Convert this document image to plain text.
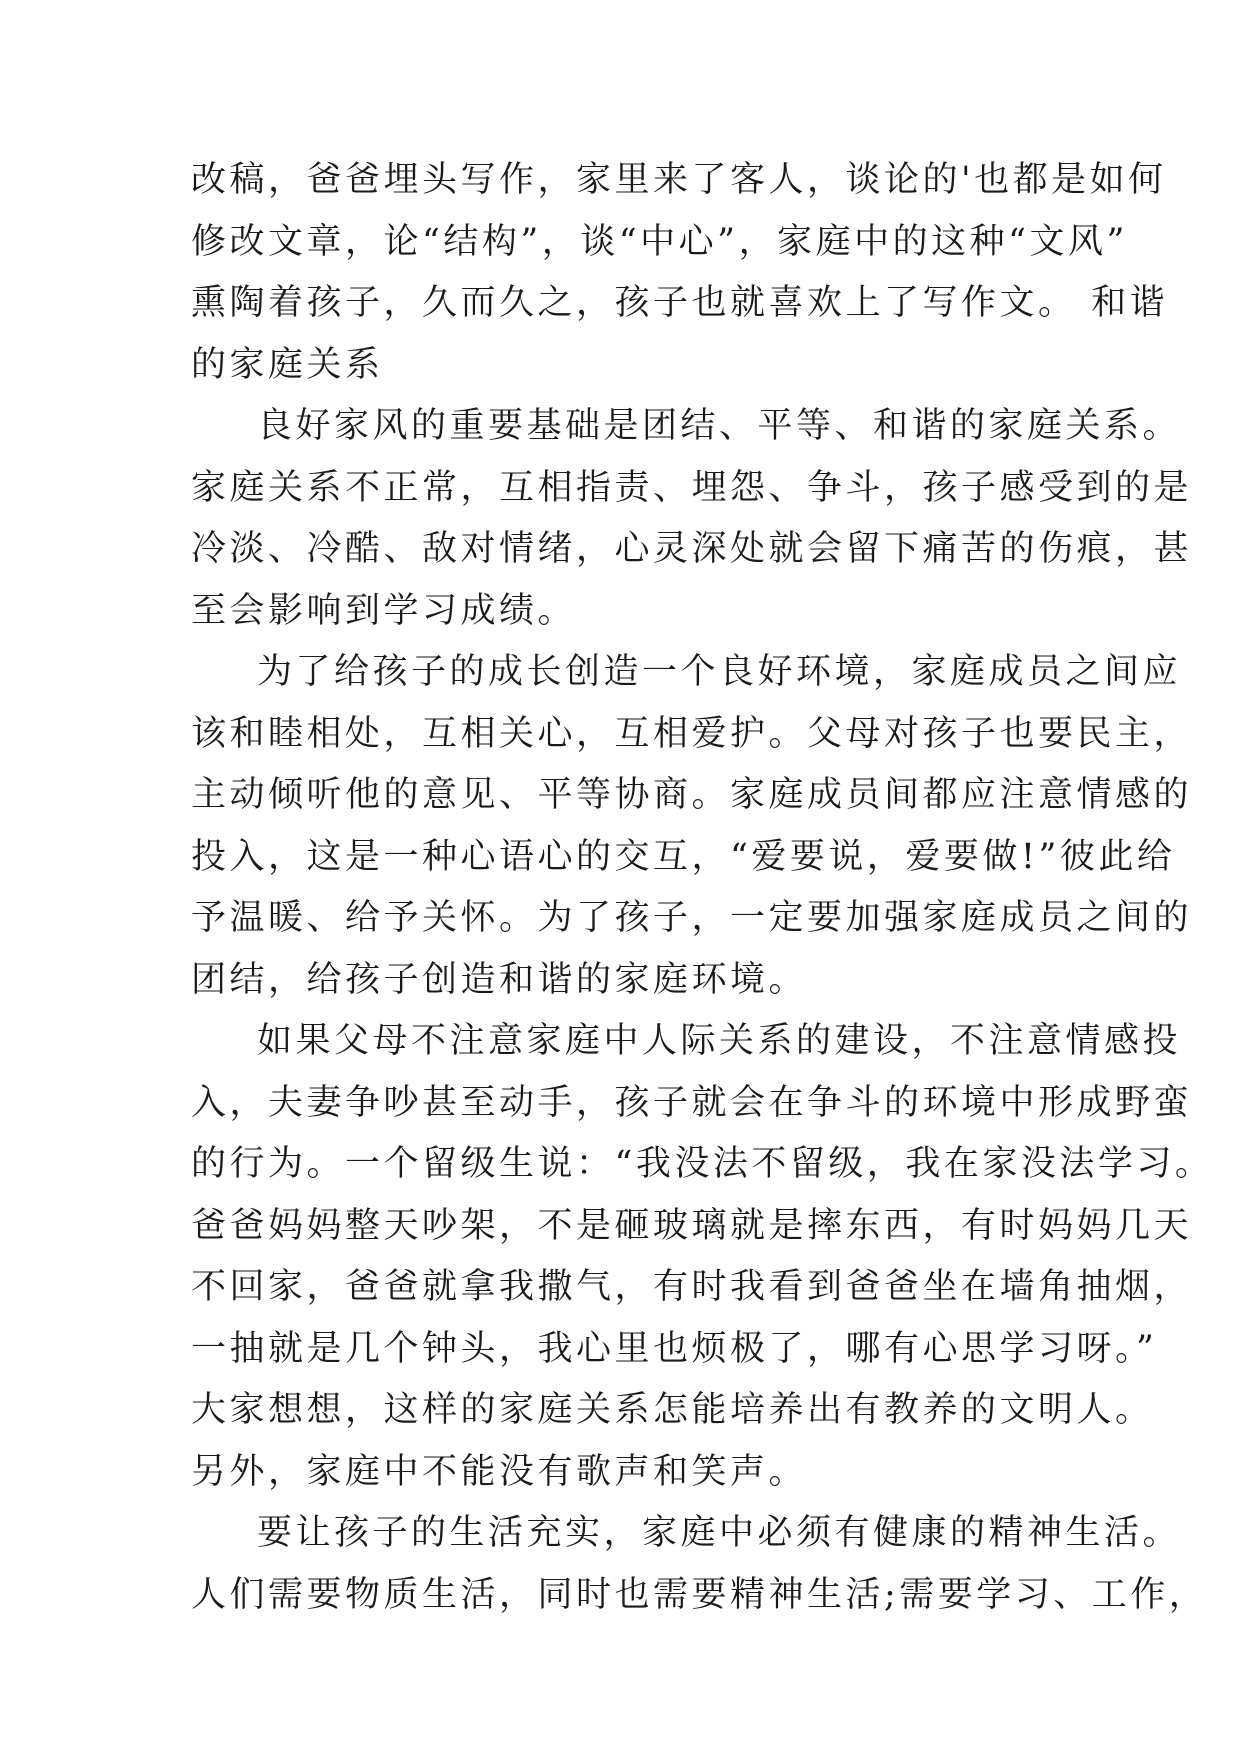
改稿，爸爸埋头写作，家里来了客人，谈论的'也都是如何
修改文章，论“结构”，谈“中心”，家庭中的这种“文风”
熏陶着孩子，久而久之，孩子也就喜欢上了写作文。 和谐
的家庭关系
良好家风的重要基础是团结、平等、和谐的家庭关系。
家庭关系不正常，互相指责、埋怨、争斗，孩子感受到的是
冷淡、冷酷、敌对情绪，心灵深处就会留下痛苦的伤痕，甚
至会影响到学习成绩。
为了给孩子的成长创造一个良好环境，家庭成员之间应
该和睦相处，互相关心，互相爱护。父母对孩子也要民主，
主动倾听他的意见、平等协商。家庭成员间都应注意情感的
投入，这是一种心语心的交互，“爱要说，爱要做!”彼此给
予温暖、给予关怀。为了孩子，一定要加强家庭成员之间的
团结，给孩子创造和谐的家庭环境。
如果父母不注意家庭中人际关系的建设，不注意情感投
入，夫妻争吵甚至动手，孩子就会在争斗的环境中形成野蛮
的行为。一个留级生说：“我没法不留级，我在家没法学习。
爸爸妈妈整天吵架，不是砸玻璃就是摔东西，有时妈妈几天
不回家，爸爸就拿我撒气，有时我看到爸爸坐在墙角抽烟，
一抽就是几个钟头，我心里也烦极了，哪有心思学习呀。”
大家想想，这样的家庭关系怎能培养出有教养的文明人。
另外，家庭中不能没有歌声和笑声。
要让孩子的生活充实，家庭中必须有健康的精神生活。
人们需要物质生活，同时也需要精神生活;需要学习、工作，
